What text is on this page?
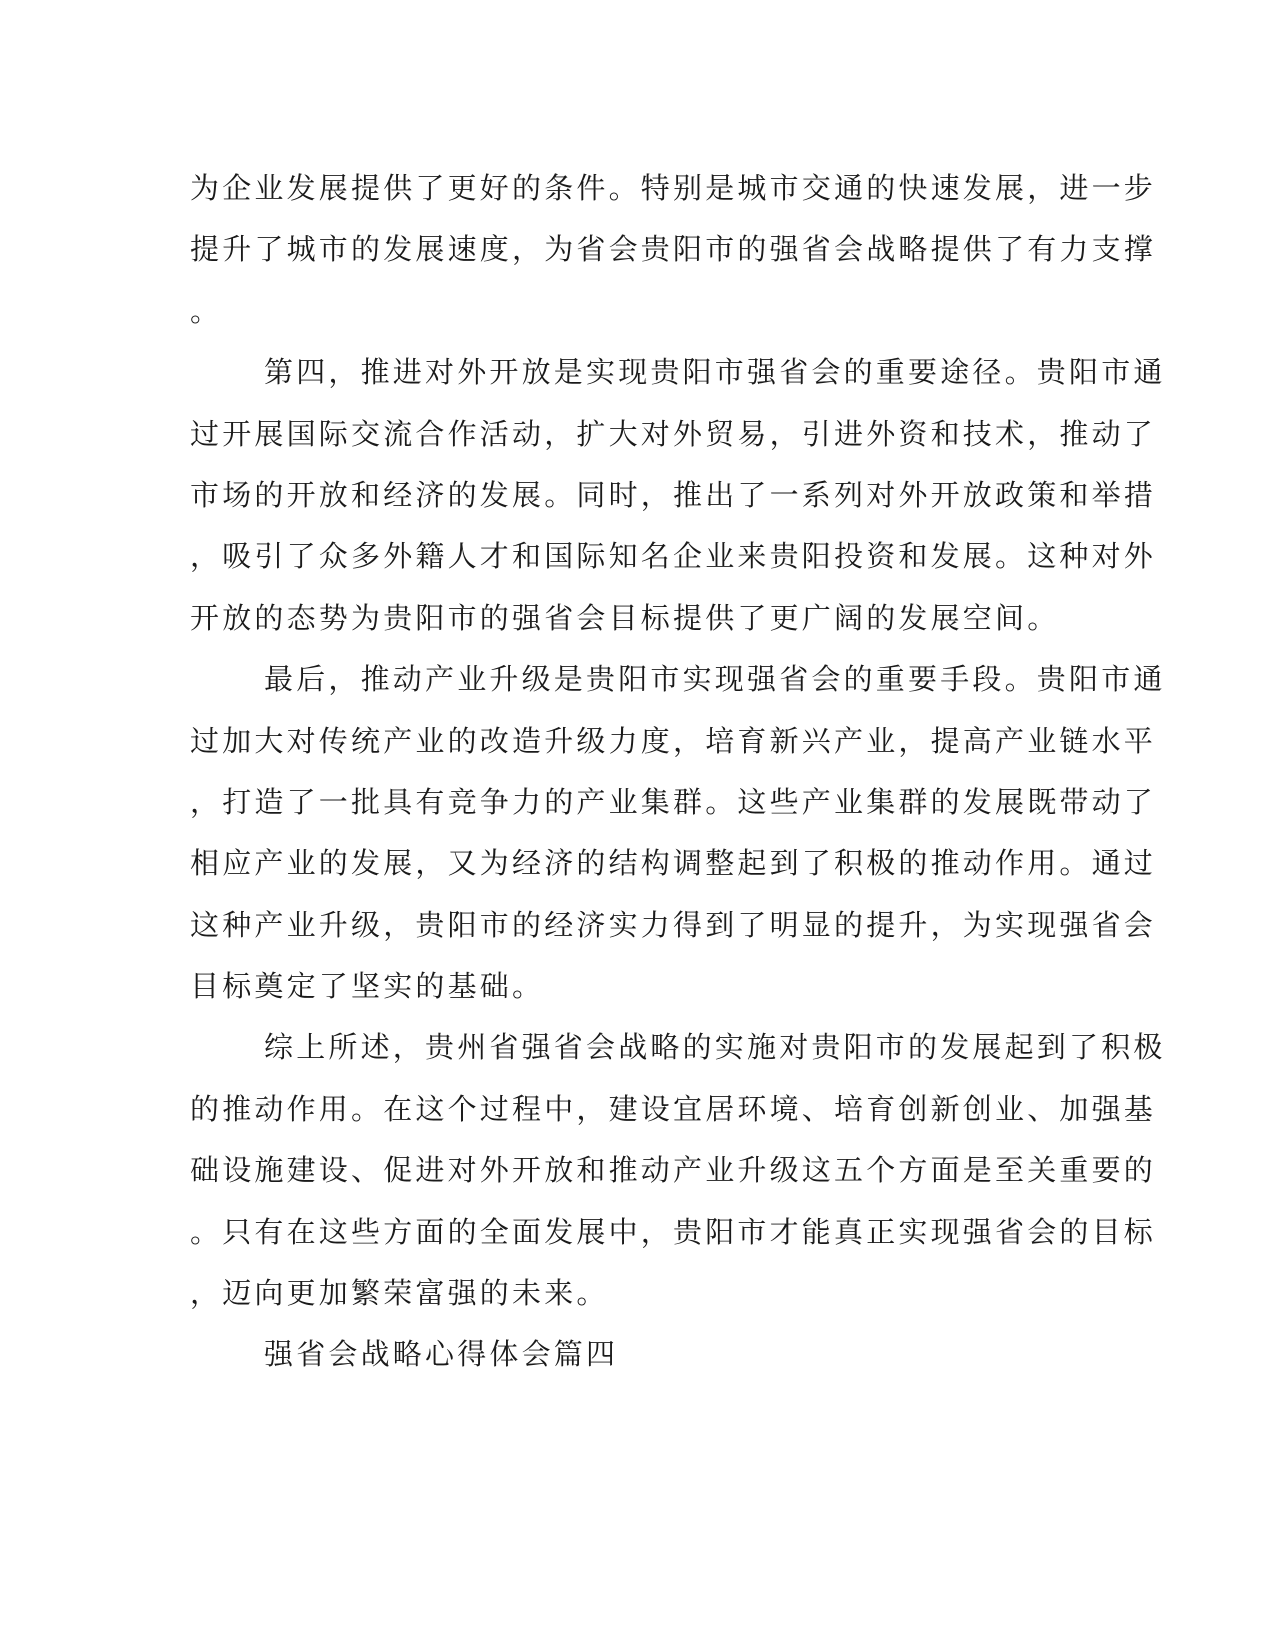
为企业发展提供了更好的条件。特别是城市交通的快速发展，进一步
提升了城市的发展速度，为省会贵阳市的强省会战略提供了有力支撑
。
第四，推进对外开放是实现贵阳市强省会的重要途径。贵阳市通
过开展国际交流合作活动，扩大对外贸易，引进外资和技术，推动了
市场的开放和经济的发展。同时，推出了一系列对外开放政策和举措
，吸引了众多外籍人才和国际知名企业来贵阳投资和发展。这种对外
开放的态势为贵阳市的强省会目标提供了更广阔的发展空间。
最后，推动产业升级是贵阳市实现强省会的重要手段。贵阳市通
过加大对传统产业的改造升级力度，培育新兴产业，提高产业链水平
，打造了一批具有竞争力的产业集群。这些产业集群的发展既带动了
相应产业的发展，又为经济的结构调整起到了积极的推动作用。通过
这种产业升级，贵阳市的经济实力得到了明显的提升，为实现强省会
目标奠定了坚实的基础。
综上所述，贵州省强省会战略的实施对贵阳市的发展起到了积极
的推动作用。在这个过程中，建设宜居环境、培育创新创业、加强基
础设施建设、促进对外开放和推动产业升级这五个方面是至关重要的
。只有在这些方面的全面发展中，贵阳市才能真正实现强省会的目标
，迈向更加繁荣富强的未来。
强省会战略心得体会篇四
